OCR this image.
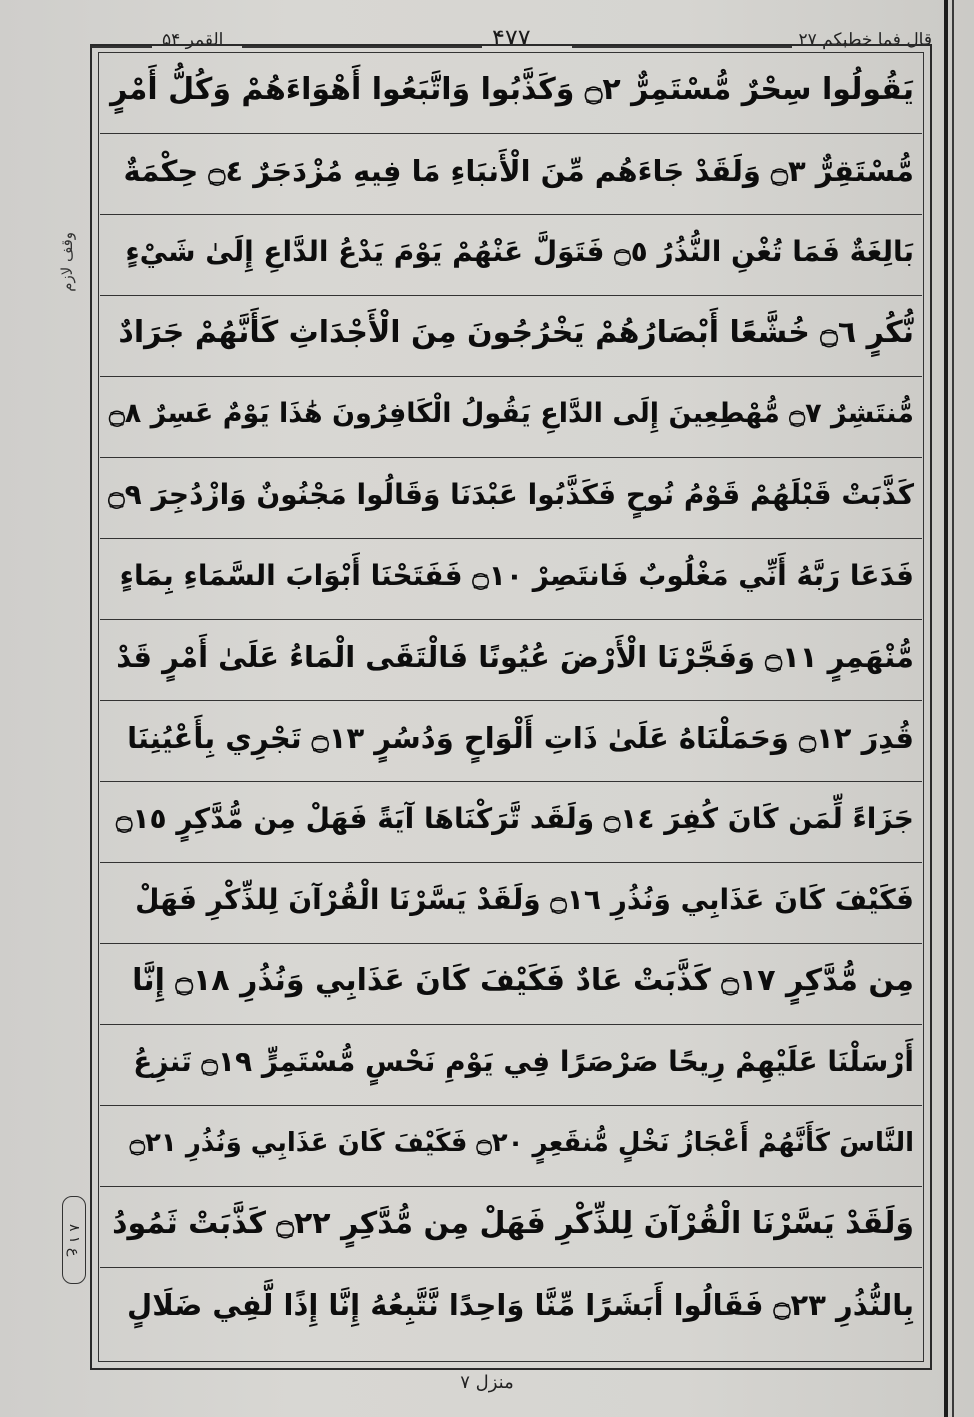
القمر ۵۴	۴۷۷	قال فما خطبکم ۲۷
يَقُولُوا سِحْرٌ مُّسْتَمِرٌّ ۝٢ وَكَذَّبُوا وَاتَّبَعُوا أَهْوَاءَهُمْ وَكُلُّ أَمْرٍ
مُّسْتَقِرٌّ ۝٣ وَلَقَدْ جَاءَهُم مِّنَ الْأَنبَاءِ مَا فِيهِ مُزْدَجَرٌ ۝٤ حِكْمَةٌ
بَالِغَةٌ فَمَا تُغْنِ النُّذُرُ ۝٥ فَتَوَلَّ عَنْهُمْ يَوْمَ يَدْعُ الدَّاعِ إِلَىٰ شَيْءٍ
نُّكُرٍ ۝٦ خُشَّعًا أَبْصَارُهُمْ يَخْرُجُونَ مِنَ الْأَجْدَاثِ كَأَنَّهُمْ جَرَادٌ
مُّنتَشِرٌ ۝٧ مُّهْطِعِينَ إِلَى الدَّاعِ يَقُولُ الْكَافِرُونَ هَٰذَا يَوْمٌ عَسِرٌ ۝٨
كَذَّبَتْ قَبْلَهُمْ قَوْمُ نُوحٍ فَكَذَّبُوا عَبْدَنَا وَقَالُوا مَجْنُونٌ وَازْدُجِرَ ۝٩
فَدَعَا رَبَّهُ أَنِّي مَغْلُوبٌ فَانتَصِرْ ۝١٠ فَفَتَحْنَا أَبْوَابَ السَّمَاءِ بِمَاءٍ
مُّنْهَمِرٍ ۝١١ وَفَجَّرْنَا الْأَرْضَ عُيُونًا فَالْتَقَى الْمَاءُ عَلَىٰ أَمْرٍ قَدْ
قُدِرَ ۝١٢ وَحَمَلْنَاهُ عَلَىٰ ذَاتِ أَلْوَاحٍ وَدُسُرٍ ۝١٣ تَجْرِي بِأَعْيُنِنَا
جَزَاءً لِّمَن كَانَ كُفِرَ ۝١٤ وَلَقَد تَّرَكْنَاهَا آيَةً فَهَلْ مِن مُّدَّكِرٍ ۝١٥
فَكَيْفَ كَانَ عَذَابِي وَنُذُرِ ۝١٦ وَلَقَدْ يَسَّرْنَا الْقُرْآنَ لِلذِّكْرِ فَهَلْ
مِن مُّدَّكِرٍ ۝١٧ كَذَّبَتْ عَادٌ فَكَيْفَ كَانَ عَذَابِي وَنُذُرِ ۝١٨ إِنَّا
أَرْسَلْنَا عَلَيْهِمْ رِيحًا صَرْصَرًا فِي يَوْمِ نَحْسٍ مُّسْتَمِرٍّ ۝١٩ تَنزِعُ
النَّاسَ كَأَنَّهُمْ أَعْجَازُ نَخْلٍ مُّنقَعِرٍ ۝٢٠ فَكَيْفَ كَانَ عَذَابِي وَنُذُرِ ۝٢١
وَلَقَدْ يَسَّرْنَا الْقُرْآنَ لِلذِّكْرِ فَهَلْ مِن مُّدَّكِرٍ ۝٢٢ كَذَّبَتْ ثَمُودُ
بِالنُّذُرِ ۝٢٣ فَقَالُوا أَبَشَرًا مِّنَّا وَاحِدًا نَّتَّبِعُهُ إِنَّا إِذًا لَّفِي ضَلَالٍ
وقف لازم
ع ۱ ۸
منزل ۷
